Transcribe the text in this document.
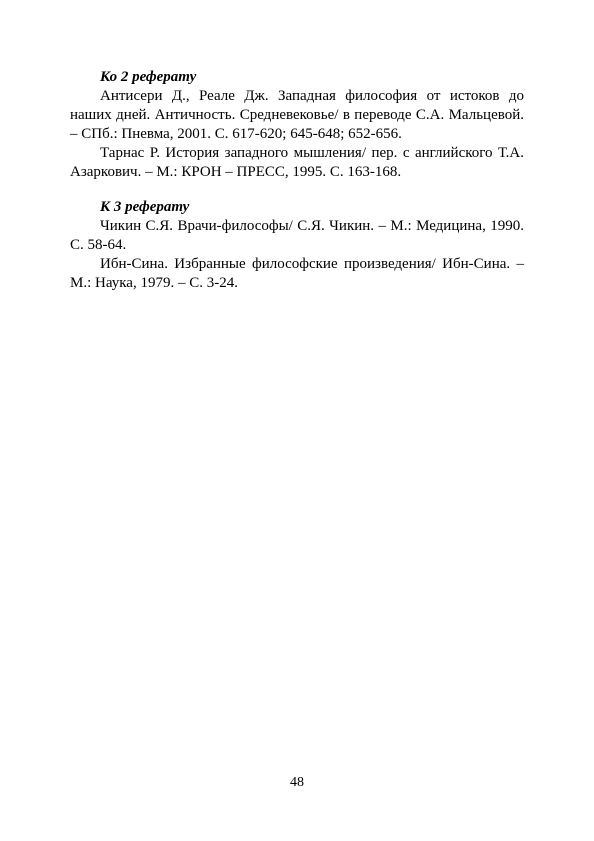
Ко 2 реферату

Антисери Д., Реале Дж. Западная философия от истоков до наших дней. Античность. Средневековье/ в переводе С.А. Мальцевой. – СПб.: Пневма, 2001. С. 617-620; 645-648; 652-656.

Тарнас Р. История западного мышления/ пер. с английского Т.А. Азаркович. – М.: КРОН – ПРЕСС, 1995. С. 163-168.

К 3 реферату

Чикин С.Я. Врачи-философы/ С.Я. Чикин. – М.: Медицина, 1990. С. 58-64.

Ибн-Сина. Избранные философские произведения/ Ибн-Сина. – М.: Наука, 1979. – С. 3-24.

48
